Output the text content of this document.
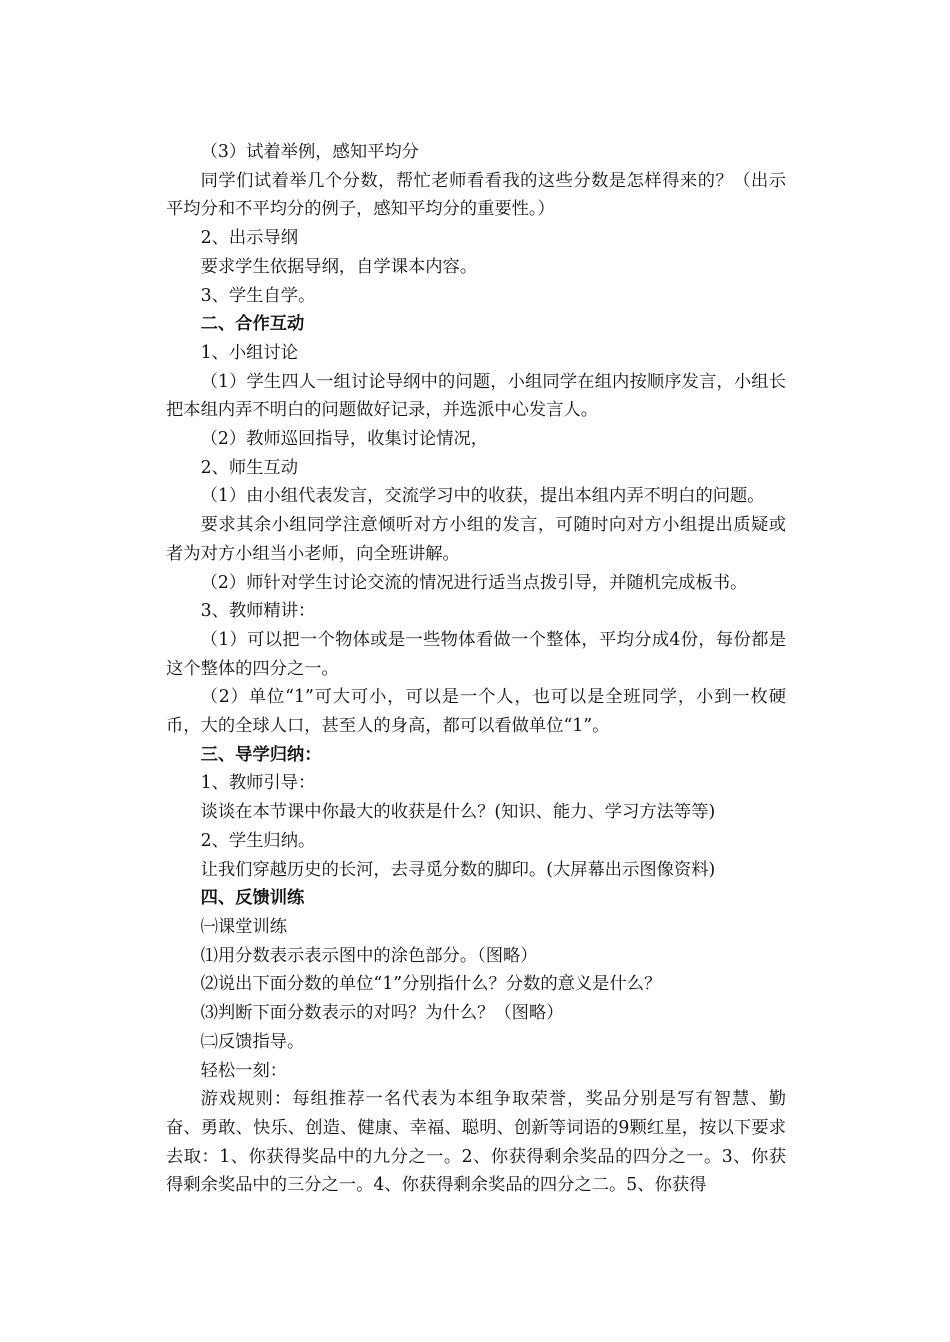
（3）试着举例，感知平均分

同学们试着举几个分数，帮忙老师看看我的这些分数是怎样得来的？（出示平均分和不平均分的例子，感知平均分的重要性。）

2、出示导纲

要求学生依据导纲，自学课本内容。

3、学生自学。

二、合作互动

1、小组讨论

（1）学生四人一组讨论导纲中的问题，小组同学在组内按顺序发言，小组长把本组内弄不明白的问题做好记录，并选派中心发言人。

（2）教师巡回指导，收集讨论情况，

2、师生互动

（1）由小组代表发言，交流学习中的收获，提出本组内弄不明白的问题。

要求其余小组同学注意倾听对方小组的发言，可随时向对方小组提出质疑或者为对方小组当小老师，向全班讲解。

（2）师针对学生讨论交流的情况进行适当点拨引导，并随机完成板书。

3、教师精讲：

（1）可以把一个物体或是一些物体看做一个整体，平均分成4份，每份都是这个整体的四分之一。

（2）单位“1”可大可小，可以是一个人，也可以是全班同学，小到一枚硬币，大的全球人口，甚至人的身高，都可以看做单位“1”。

三、导学归纳：

1、教师引导：

谈谈在本节课中你最大的收获是什么？(知识、能力、学习方法等等)

2、学生归纳。

让我们穿越历史的长河，去寻觅分数的脚印。(大屏幕出示图像资料)

四、反馈训练

㈠课堂训练

⑴用分数表示表示图中的涂色部分。（图略）

⑵说出下面分数的单位“1”分别指什么？分数的意义是什么？

⑶判断下面分数表示的对吗？为什么？（图略）

㈡反馈指导。

轻松一刻：

游戏规则：每组推荐一名代表为本组争取荣誉，奖品分别是写有智慧、勤奋、勇敢、快乐、创造、健康、幸福、聪明、创新等词语的9颗红星，按以下要求去取：1、你获得奖品中的九分之一。2、你获得剩余奖品的四分之一。3、你获得剩余奖品中的三分之一。4、你获得剩余奖品的四分之二。5、你获得
